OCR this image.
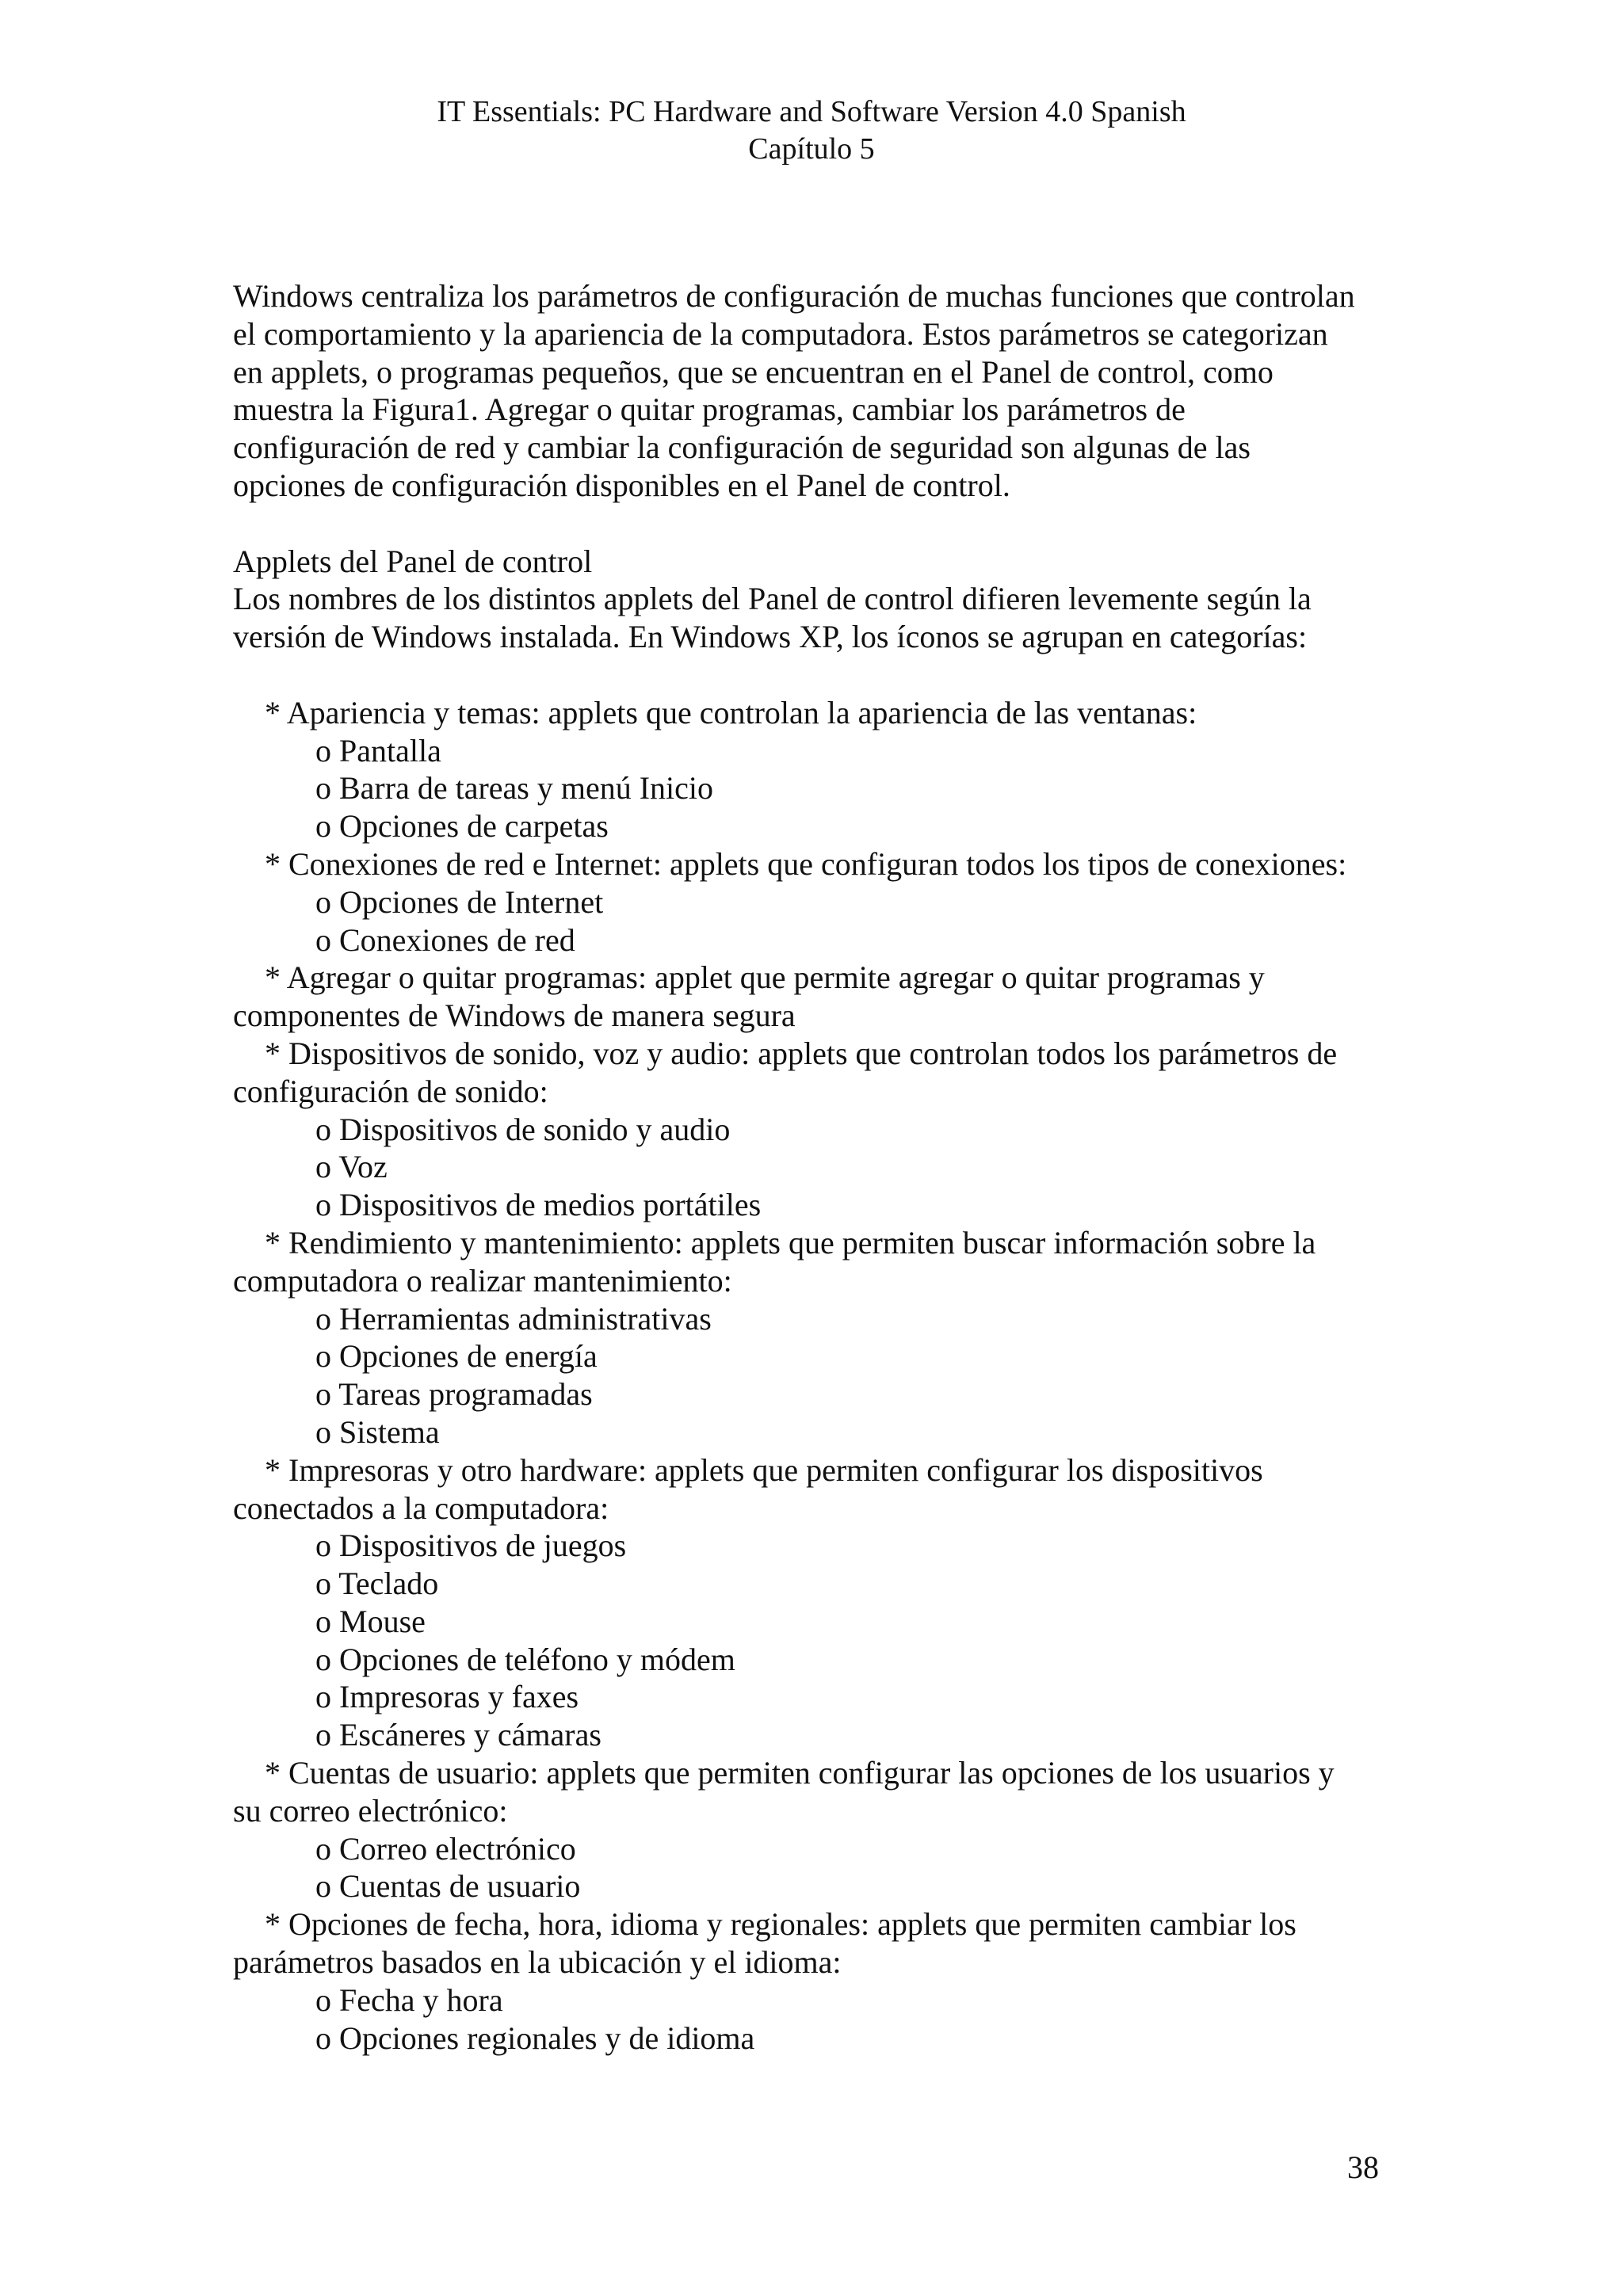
IT Essentials: PC Hardware and Software Version 4.0 Spanish
Capítulo 5

Windows centraliza los parámetros de configuración de muchas funciones que controlan

el comportamiento y la apariencia de la computadora. Estos parámetros se categorizan

en applets, o programas pequeños, que se encuentran en el Panel de control, como

muestra la Figura1. Agregar o quitar programas, cambiar los parámetros de

configuración de red y cambiar la configuración de seguridad son algunas de las

opciones de configuración disponibles en el Panel de control.

Applets del Panel de control

Los nombres de los distintos applets del Panel de control difieren levemente según la

versión de Windows instalada. En Windows XP, los íconos se agrupan en categorías:

* Apariencia y temas: applets que controlan la apariencia de las ventanas:

o Pantalla

o Barra de tareas y menú Inicio

o Opciones de carpetas

* Conexiones de red e Internet: applets que configuran todos los tipos de conexiones:

o Opciones de Internet

o Conexiones de red

* Agregar o quitar programas: applet que permite agregar o quitar programas y

componentes de Windows de manera segura

* Dispositivos de sonido, voz y audio: applets que controlan todos los parámetros de

configuración de sonido:

o Dispositivos de sonido y audio

o Voz

o Dispositivos de medios portátiles

* Rendimiento y mantenimiento: applets que permiten buscar información sobre la

computadora o realizar mantenimiento:

o Herramientas administrativas

o Opciones de energía

o Tareas programadas

o Sistema

* Impresoras y otro hardware: applets que permiten configurar los dispositivos

conectados a la computadora:

o Dispositivos de juegos

o Teclado

o Mouse

o Opciones de teléfono y módem

o Impresoras y faxes

o Escáneres y cámaras

* Cuentas de usuario: applets que permiten configurar las opciones de los usuarios y

su correo electrónico:

o Correo electrónico

o Cuentas de usuario

* Opciones de fecha, hora, idioma y regionales: applets que permiten cambiar los

parámetros basados en la ubicación y el idioma:

o Fecha y hora

o Opciones regionales y de idioma

38
